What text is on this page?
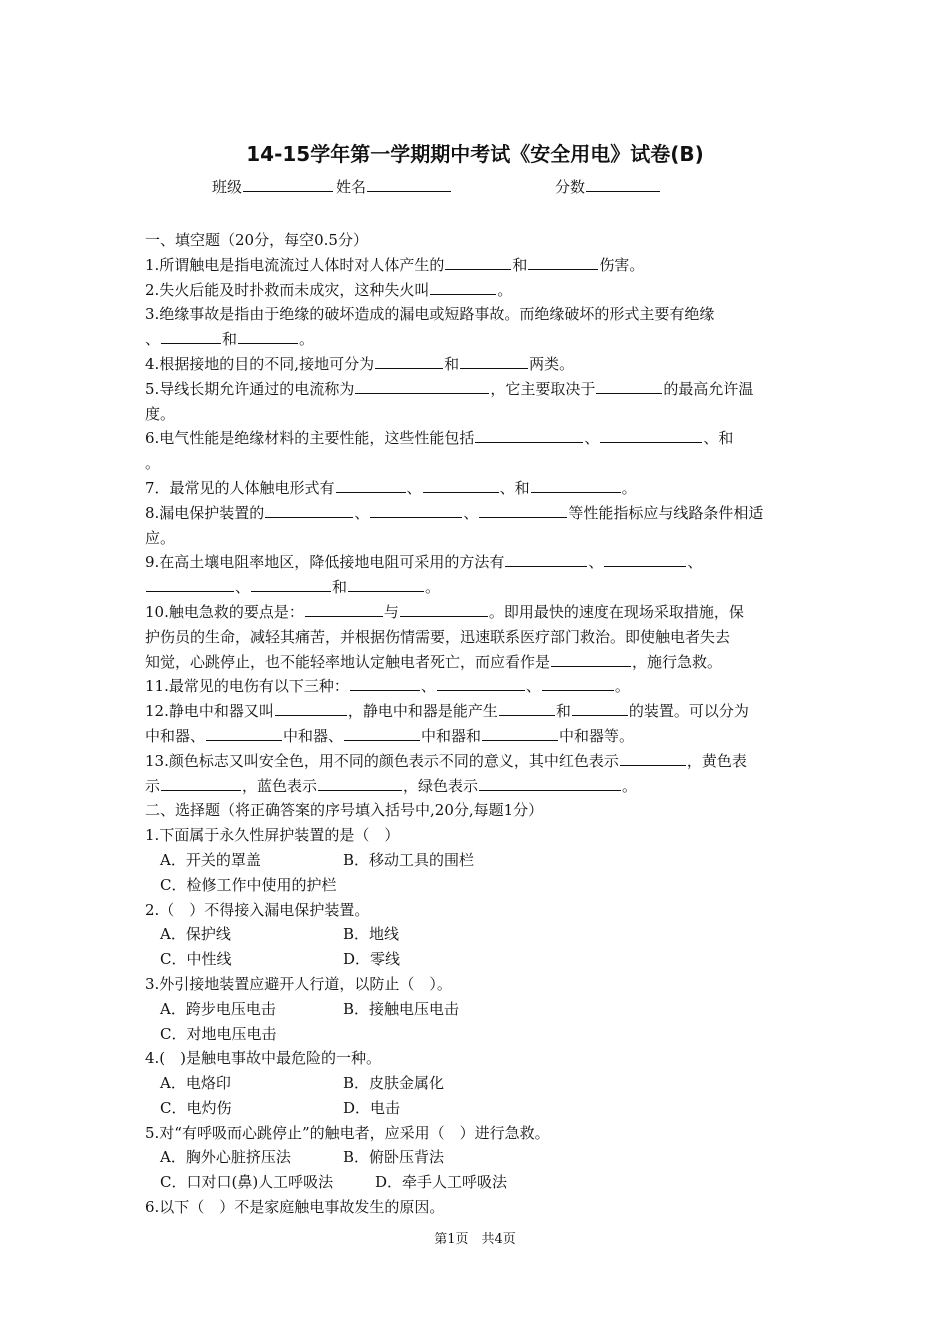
14-15学年第一学期期中考试《安全用电》试卷(B)
班级	姓名	分数
一、填空题（20分，每空0.5分）
1.所谓触电是指电流流过人体时对人体产生的	和	伤害。
2.失火后能及时扑救而未成灾，这种失火叫	。
3.绝缘事故是指由于绝缘的破坏造成的漏电或短路事故。而绝缘破坏的形式主要有绝缘
、	和	。
4.根据接地的目的不同,接地可分为	和	两类。
5.导线长期允许通过的电流称为	，它主要取决于	的最高允许温
度。
6.电气性能是绝缘材料的主要性能，这些性能包括	、	、和
。
7．最常见的人体触电形式有	、	、和	。
8.漏电保护装置的	、	、	等性能指标应与线路条件相适
应。
9.在高土壤电阻率地区，降低接地电阻可采用的方法有	、	、
、	和	。
10.触电急救的要点是：	与	。即用最快的速度在现场采取措施，保
护伤员的生命，减轻其痛苦，并根据伤情需要，迅速联系医疗部门救治。即使触电者失去
知觉，心跳停止，也不能轻率地认定触电者死亡，而应看作是	，施行急救。
11.最常见的电伤有以下三种：	、	、	。
12.静电中和器又叫	，静电中和器是能产生	和	的装置。可以分为
中和器、	中和器、	中和器和	中和器等。
13.颜色标志又叫安全色，用不同的颜色表示不同的意义，其中红色表示	，黄色表
示	，蓝色表示	，绿色表示	。
二、选择题（将正确答案的序号填入括号中,20分,每题1分）
1.下面属于永久性屏护装置的是（　）
A．开关的罩盖	B．移动工具的围栏
C．检修工作中使用的护栏
2.（　）不得接入漏电保护装置。
A．保护线	B．地线
C．中性线	D．零线
3.外引接地装置应避开人行道，以防止（　）。
A．跨步电压电击	B．接触电压电击
C．对地电压电击
4.(　)是触电事故中最危险的一种。
A．电烙印	B．皮肤金属化
C．电灼伤	D．电击
5.对“有呼吸而心跳停止”的触电者，应采用（　）进行急救。
A．胸外心脏挤压法	B．俯卧压背法
C．口对口(鼻)人工呼吸法	D．牵手人工呼吸法
6.以下（　）不是家庭触电事故发生的原因。
第1页　共4页
